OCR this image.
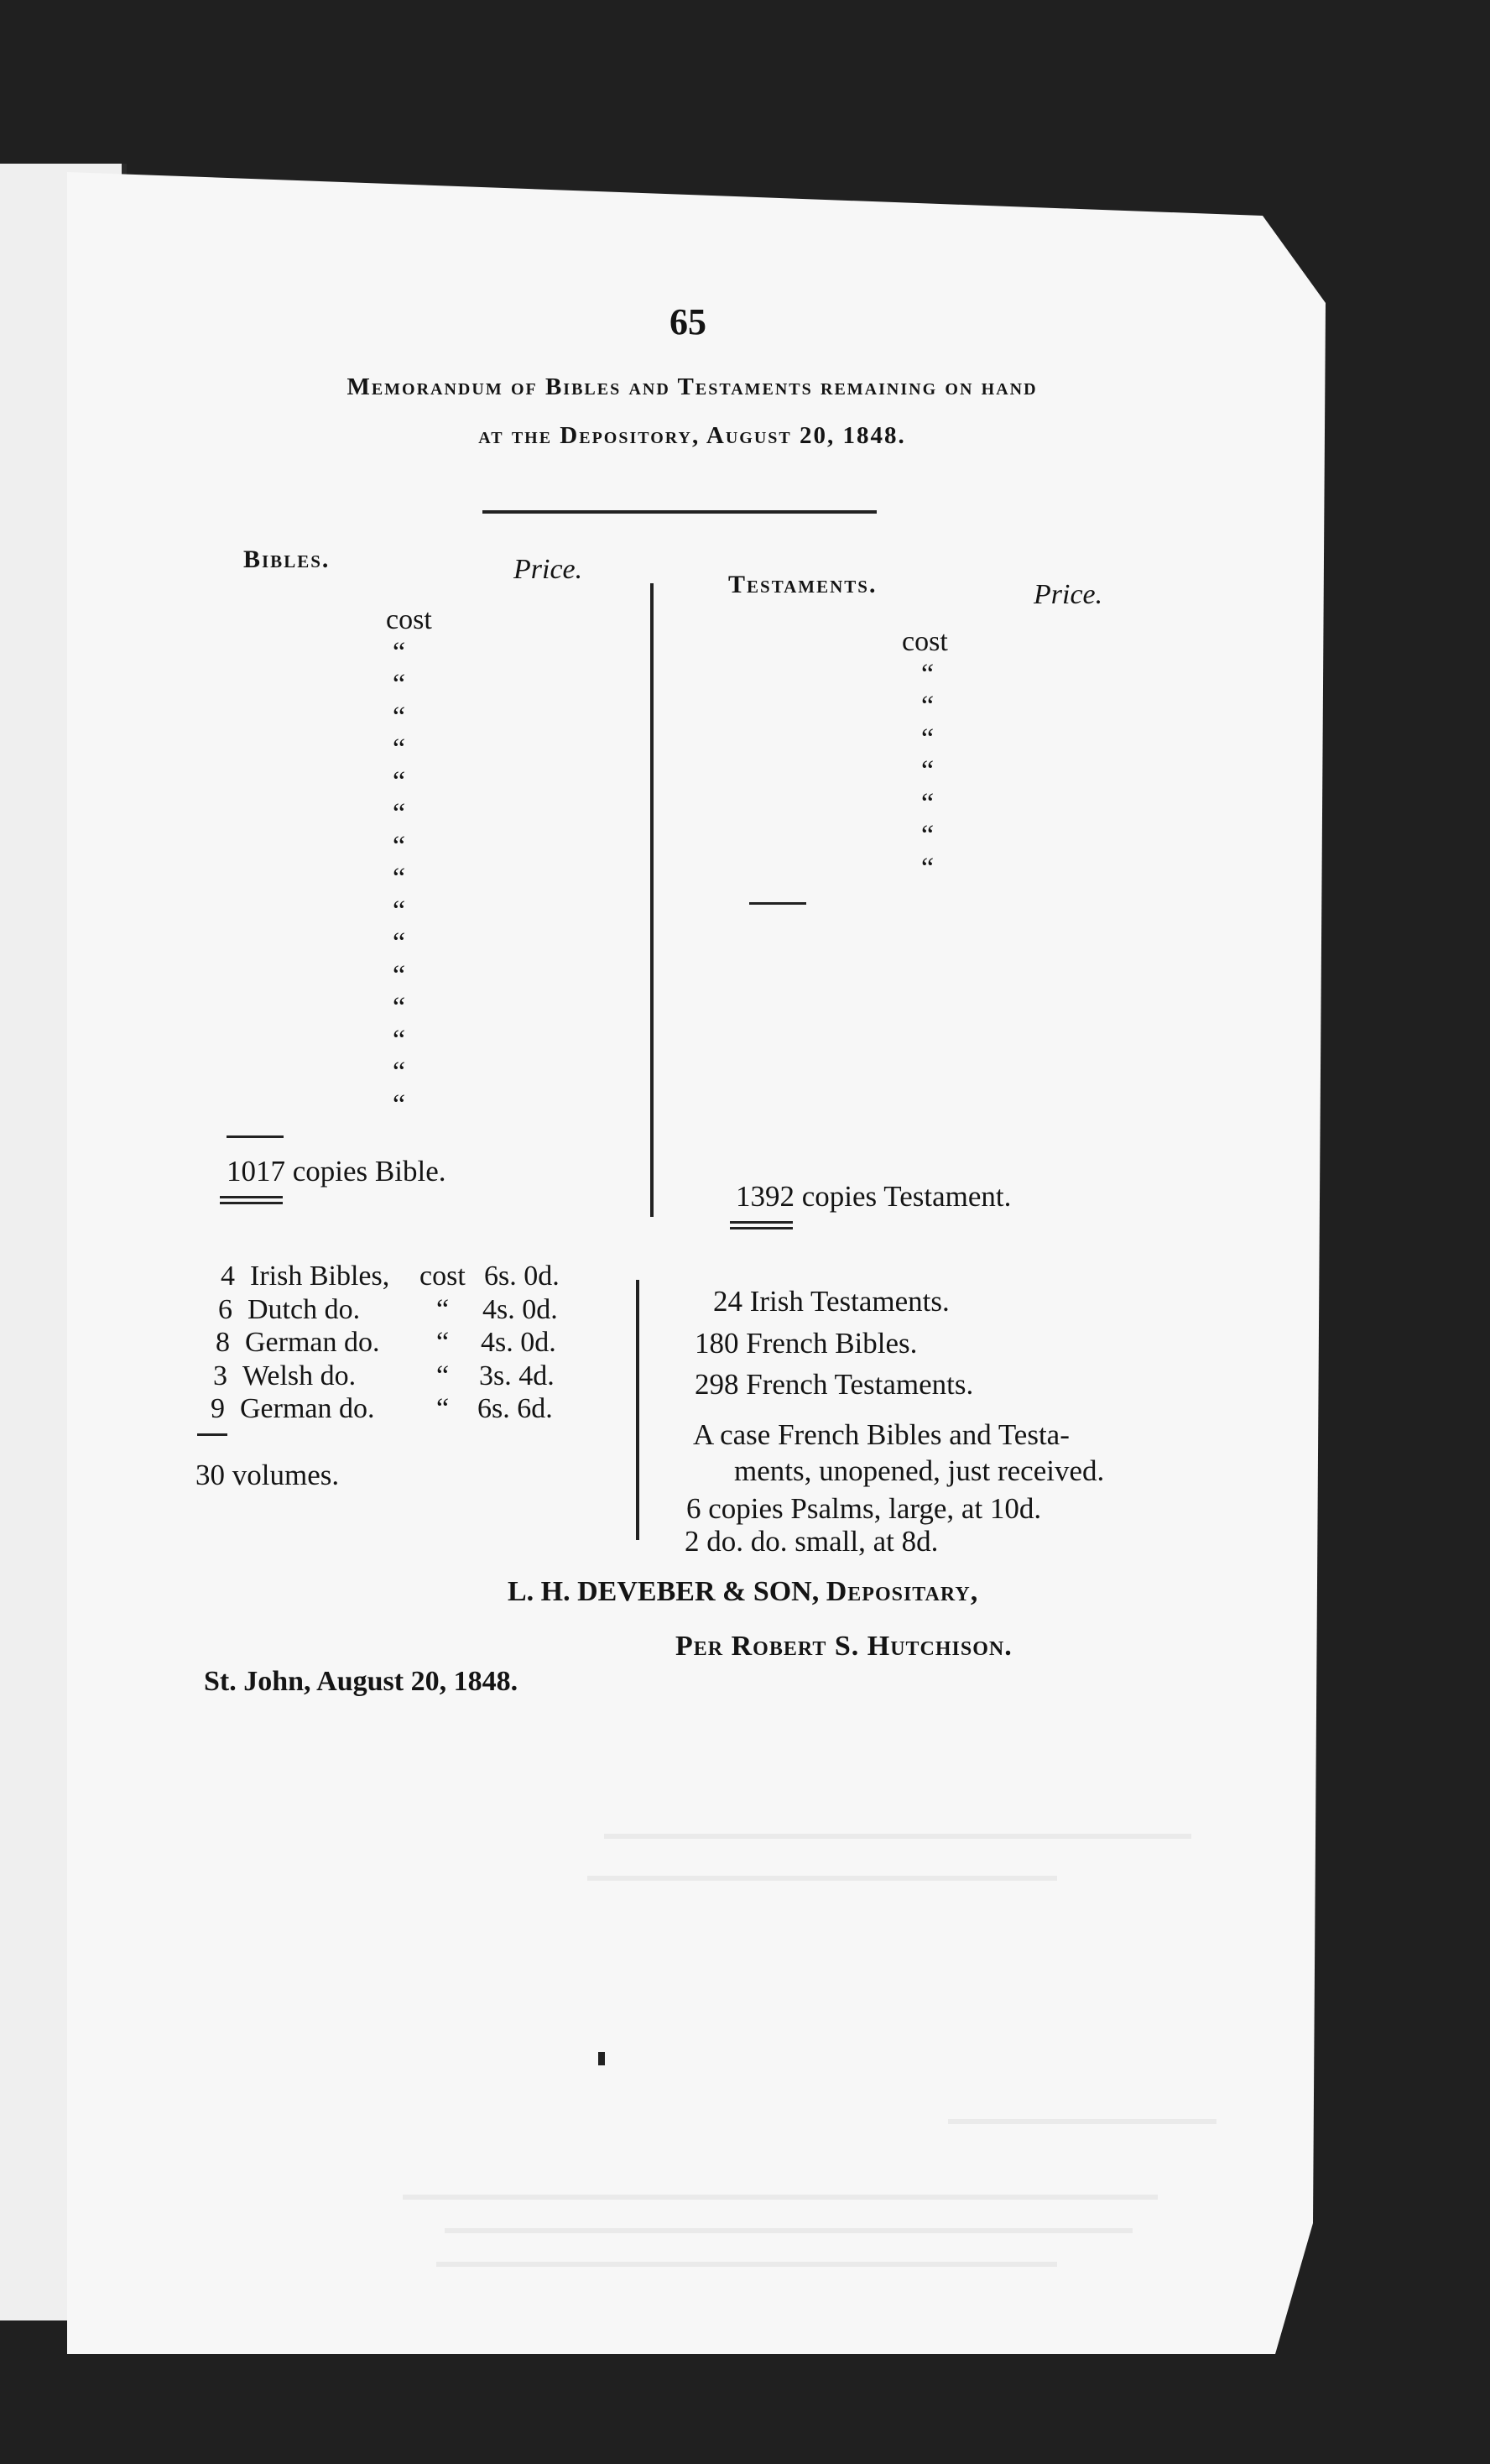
65
Memorandum of Bibles and Testaments remaining on hand
at the Depository, August 20, 1848.
Bibles.	Price.
cost
“
“
“
“
“
“
“
“
“
“
“
“
“
“
“
1017 copies Bible.
Testaments.	Price.
cost
“
“
“
“
“
“
“
1392 copies Testament.
4 Irish Bibles, cost 6s. 0d.
6 Dutch do.	“ 4s. 0d.
8 German do. “ 4s. 0d.
3 Welsh do.	“ 3s. 4d.
9 German do. “ 6s. 6d.
30 volumes.
24 Irish Testaments.
180 French Bibles.
298 French Testaments.
A case French Bibles and Testa-
ments, unopened, just received.
6 copies Psalms, large, at 10d.
2 do. do. small, at 8d.
L. H. DEVEBER & SON, Depositary,
Per Robert S. Hutchison.
St. John, August 20, 1848.
